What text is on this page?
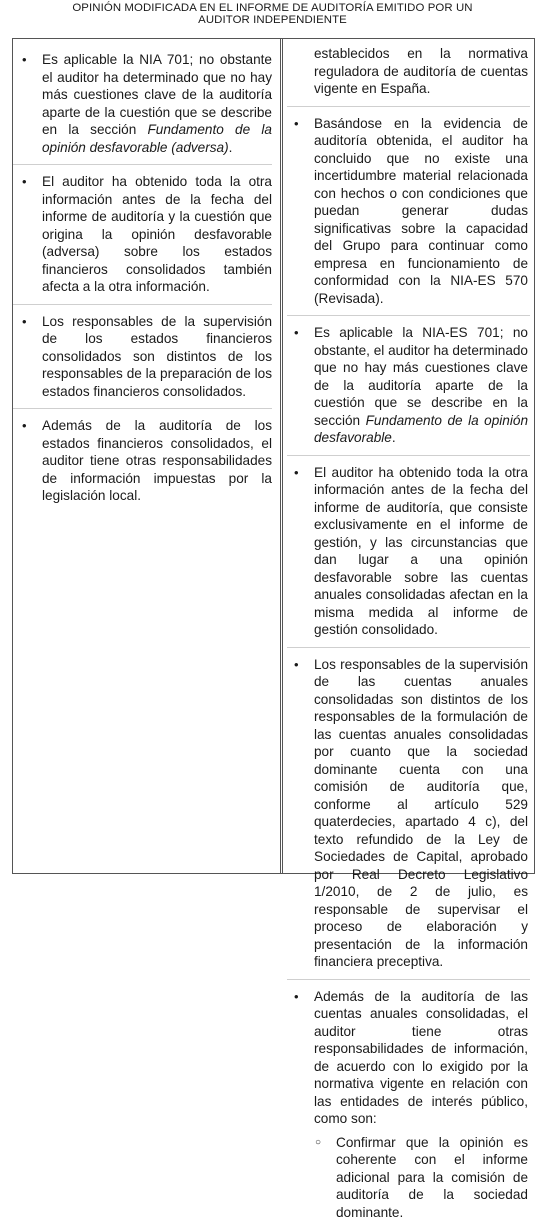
OPINIÓN MODIFICADA EN EL INFORME DE AUDITORÍA EMITIDO POR UN
AUDITOR INDEPENDIENTE
• Es aplicable la NIA 701; no obstante el auditor ha determinado que no hay más cuestiones clave de la auditoría aparte de la cuestión que se describe en la sección Fundamento de la opinión desfavorable (adversa).
• El auditor ha obtenido toda la otra información antes de la fecha del informe de auditoría y la cuestión que origina la opinión desfavorable (adversa) sobre los estados financieros consolidados también afecta a la otra información.
• Los responsables de la supervisión de los estados financieros consolidados son distintos de los responsables de la preparación de los estados financieros consolidados.
• Además de la auditoría de los estados financieros consolidados, el auditor tiene otras responsabilidades de información impuestas por la legislación local.
establecidos en la normativa reguladora de auditoría de cuentas vigente en España.
• Basándose en la evidencia de auditoría obtenida, el auditor ha concluido que no existe una incertidumbre material relacionada con hechos o con condiciones que puedan generar dudas significativas sobre la capacidad del Grupo para continuar como empresa en funcionamiento de conformidad con la NIA-ES 570 (Revisada).
• Es aplicable la NIA-ES 701; no obstante, el auditor ha determinado que no hay más cuestiones clave de la auditoría aparte de la cuestión que se describe en la sección Fundamento de la opinión desfavorable.
• El auditor ha obtenido toda la otra información antes de la fecha del informe de auditoría, que consiste exclusivamente en el informe de gestión, y las circunstancias que dan lugar a una opinión desfavorable sobre las cuentas anuales consolidadas afectan en la misma medida al informe de gestión consolidado.
• Los responsables de la supervisión de las cuentas anuales consolidadas son distintos de los responsables de la formulación de las cuentas anuales consolidadas por cuanto que la sociedad dominante cuenta con una comisión de auditoría que, conforme al artículo 529 quaterdecies, apartado 4 c), del texto refundido de la Ley de Sociedades de Capital, aprobado por Real Decreto Legislativo 1/2010, de 2 de julio, es responsable de supervisar el proceso de elaboración y presentación de la información financiera preceptiva.
• Además de la auditoría de las cuentas anuales consolidadas, el auditor tiene otras responsabilidades de información, de acuerdo con lo exigido por la normativa vigente en relación con las entidades de interés público, como son:
○ Confirmar que la opinión es coherente con el informe adicional para la comisión de auditoría de la sociedad dominante.
